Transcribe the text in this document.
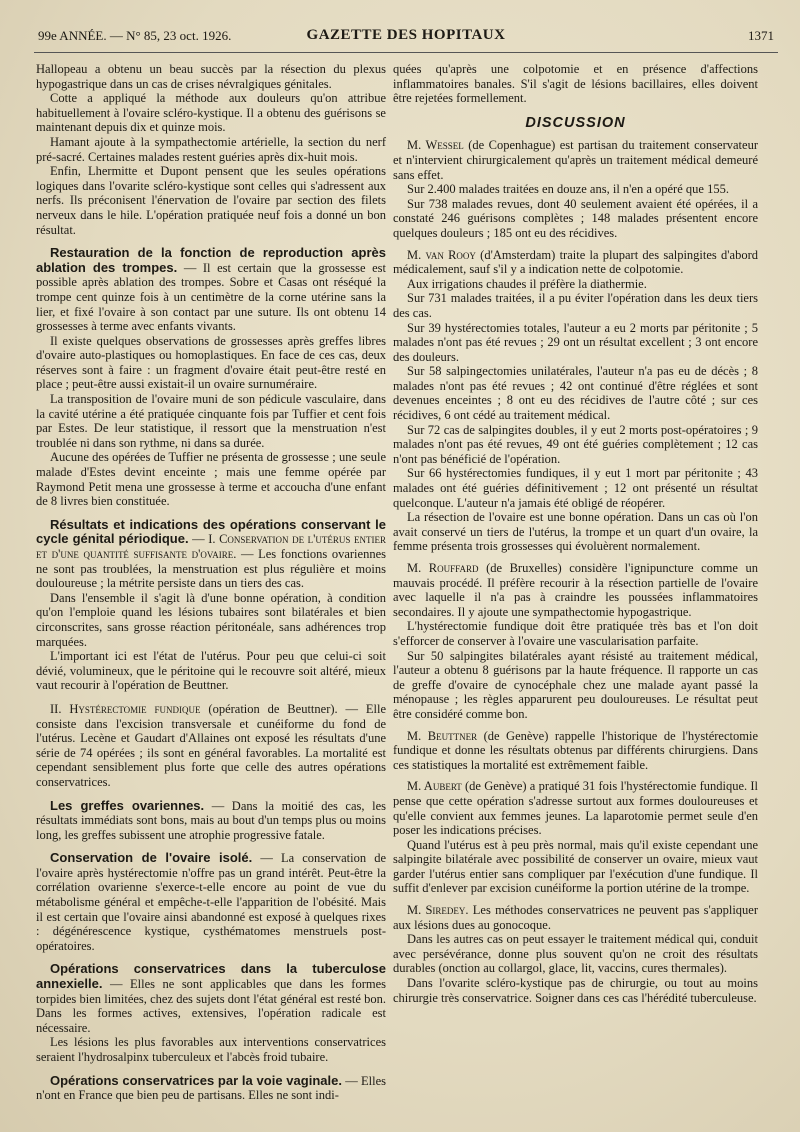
99e ANNÉE. — N° 85, 23 oct. 1926.	GAZETTE DES HOPITAUX	1371

Hallopeau a obtenu un beau succès par la résection du plexus hypogastrique dans un cas de crises névralgiques génitales.

Cotte a appliqué la méthode aux douleurs qu'on attribue habituellement à l'ovaire scléro-kystique. Il a obtenu des guérisons se maintenant depuis dix et quinze mois.

Hamant ajoute à la sympathectomie artérielle, la section du nerf pré-sacré. Certaines malades restent guéries après dix-huit mois.

Enfin, Lhermitte et Dupont pensent que les seules opérations logiques dans l'ovarite scléro-kystique sont celles qui s'adressent aux nerfs. Ils préconisent l'énervation de l'ovaire par section des filets nerveux dans le hile. L'opération pratiquée neuf fois a donné un bon résultat.

Restauration de la fonction de reproduction après ablation des trompes. — Il est certain que la grossesse est possible après ablation des trompes. Sobre et Casas ont réséqué la trompe cent quinze fois à un centimètre de la corne utérine sans la lier, et fixé l'ovaire à son contact par une suture. Ils ont obtenu 14 grossesses à terme avec enfants vivants.

Il existe quelques observations de grossesses après greffes libres d'ovaire auto-plastiques ou homoplastiques. En face de ces cas, deux réserves sont à faire : un fragment d'ovaire était peut-être resté en place ; peut-être aussi existait-il un ovaire surnuméraire.

La transposition de l'ovaire muni de son pédicule vasculaire, dans la cavité utérine a été pratiquée cinquante fois par Tuffier et cent fois par Estes. De leur statistique, il ressort que la menstruation n'est troublée ni dans son rythme, ni dans sa durée.

Aucune des opérées de Tuffier ne présenta de grossesse ; une seule malade d'Estes devint enceinte ; mais une femme opérée par Raymond Petit mena une grossesse à terme et accoucha d'une enfant de 8 livres bien constituée.

Résultats et indications des opérations conservant le cycle génital périodique. — I. Conservation de l'utérus entier et d'une quantité suffisante d'ovaire. — Les fonctions ovariennes ne sont pas troublées, la menstruation est plus régulière et moins douloureuse ; la métrite persiste dans un tiers des cas.

Dans l'ensemble il s'agit là d'une bonne opération, à condition qu'on l'emploie quand les lésions tubaires sont bilatérales et bien circonscrites, sans grosse réaction péritonéale, sans adhérences trop marquées.

L'important ici est l'état de l'utérus. Pour peu que celui-ci soit dévié, volumineux, que le péritoine qui le recouvre soit altéré, mieux vaut recourir à l'opération de Beuttner.

II. Hystérectomie fundique (opération de Beuttner). — Elle consiste dans l'excision transversale et cunéiforme du fond de l'utérus. Lecène et Gaudart d'Allaines ont exposé les résultats d'une série de 74 opérées ; ils sont en général favorables. La mortalité est cependant sensiblement plus forte que celle des autres opérations conservatrices.

Les greffes ovariennes. — Dans la moitié des cas, les résultats immédiats sont bons, mais au bout d'un temps plus ou moins long, les greffes subissent une atrophie progressive fatale.

Conservation de l'ovaire isolé. — La conservation de l'ovaire après hystérectomie n'offre pas un grand intérêt. Peut-être la corrélation ovarienne s'exerce-t-elle encore au point de vue du métabolisme général et empêche-t-elle l'apparition de l'obésité. Mais il est certain que l'ovaire ainsi abandonné est exposé à quelques rixes : dégénérescence kystique, cysthématomes menstruels post-opératoires.

Opérations conservatrices dans la tuberculose annexielle. — Elles ne sont applicables que dans les formes torpides bien limitées, chez des sujets dont l'état général est resté bon. Dans les formes actives, extensives, l'opération radicale est nécessaire.

Les lésions les plus favorables aux interventions conservatrices seraient l'hydrosalpinx tuberculeux et l'abcès froid tubaire.

Opérations conservatrices par la voie vaginale. — Elles n'ont en France que bien peu de partisans. Elles ne sont indi-

quées qu'après une colpotomie et en présence d'affections inflammatoires banales. S'il s'agit de lésions bacillaires, elles doivent être rejetées formellement.

DISCUSSION

M. Wessel (de Copenhague) est partisan du traitement conservateur et n'intervient chirurgicalement qu'après un traitement médical demeuré sans effet.

Sur 2.400 malades traitées en douze ans, il n'en a opéré que 155.

Sur 738 malades revues, dont 40 seulement avaient été opérées, il a constaté 246 guérisons complètes ; 148 malades présentent encore quelques douleurs ; 185 ont eu des récidives.

M. van Rooy (d'Amsterdam) traite la plupart des salpingites d'abord médicalement, sauf s'il y a indication nette de colpotomie.

Aux irrigations chaudes il préfère la diathermie.

Sur 731 malades traitées, il a pu éviter l'opération dans les deux tiers des cas.

Sur 39 hystérectomies totales, l'auteur a eu 2 morts par péritonite ; 5 malades n'ont pas été revues ; 29 ont un résultat excellent ; 3 ont encore des douleurs.

Sur 58 salpingectomies unilatérales, l'auteur n'a pas eu de décès ; 8 malades n'ont pas été revues ; 42 ont continué d'être réglées et sont devenues enceintes ; 8 ont eu des récidives de l'autre côté ; sur ces récidives, 6 ont cédé au traitement médical.

Sur 72 cas de salpingites doubles, il y eut 2 morts post-opératoires ; 9 malades n'ont pas été revues, 49 ont été guéries complètement ; 12 cas n'ont pas bénéficié de l'opération.

Sur 66 hystérectomies fundiques, il y eut 1 mort par péritonite ; 43 malades ont été guéries définitivement ; 12 ont présenté un résultat quelconque. L'auteur n'a jamais été obligé de réopérer.

La résection de l'ovaire est une bonne opération. Dans un cas où l'on avait conservé un tiers de l'utérus, la trompe et un quart d'un ovaire, la femme présenta trois grossesses qui évoluèrent normalement.

M. Rouffard (de Bruxelles) considère l'ignipuncture comme un mauvais procédé. Il préfère recourir à la résection partielle de l'ovaire avec laquelle il n'a pas à craindre les poussées inflammatoires secondaires. Il y ajoute une sympathectomie hypogastrique.

L'hystérectomie fundique doit être pratiquée très bas et l'on doit s'efforcer de conserver à l'ovaire une vascularisation parfaite.

Sur 50 salpingites bilatérales ayant résisté au traitement médical, l'auteur a obtenu 8 guérisons par la haute fréquence. Il rapporte un cas de greffe d'ovaire de cynocéphale chez une malade ayant passé la ménopause ; les règles apparurent peu douloureuses. Le résultat peut être considéré comme bon.

M. Beuttner (de Genève) rappelle l'historique de l'hystérectomie fundique et donne les résultats obtenus par différents chirurgiens. Dans ces statistiques la mortalité est extrêmement faible.

M. Aubert (de Genève) a pratiqué 31 fois l'hystérectomie fundique. Il pense que cette opération s'adresse surtout aux formes douloureuses et qu'elle convient aux femmes jeunes. La laparotomie permet seule d'en poser les indications précises.

Quand l'utérus est à peu près normal, mais qu'il existe cependant une salpingite bilatérale avec possibilité de conserver un ovaire, mieux vaut garder l'utérus entier sans compliquer par l'exécution d'une fundique. Il suffit d'enlever par excision cunéiforme la portion utérine de la trompe.

M. Siredey. Les méthodes conservatrices ne peuvent pas s'appliquer aux lésions dues au gonocoque.

Dans les autres cas on peut essayer le traitement médical qui, conduit avec persévérance, donne plus souvent qu'on ne croit des résultats durables (onction au collargol, glace, lit, vaccins, cures thermales).

Dans l'ovarite scléro-kystique pas de chirurgie, ou tout au moins chirurgie très conservatrice. Soigner dans ces cas l'hérédité tuberculeuse.
